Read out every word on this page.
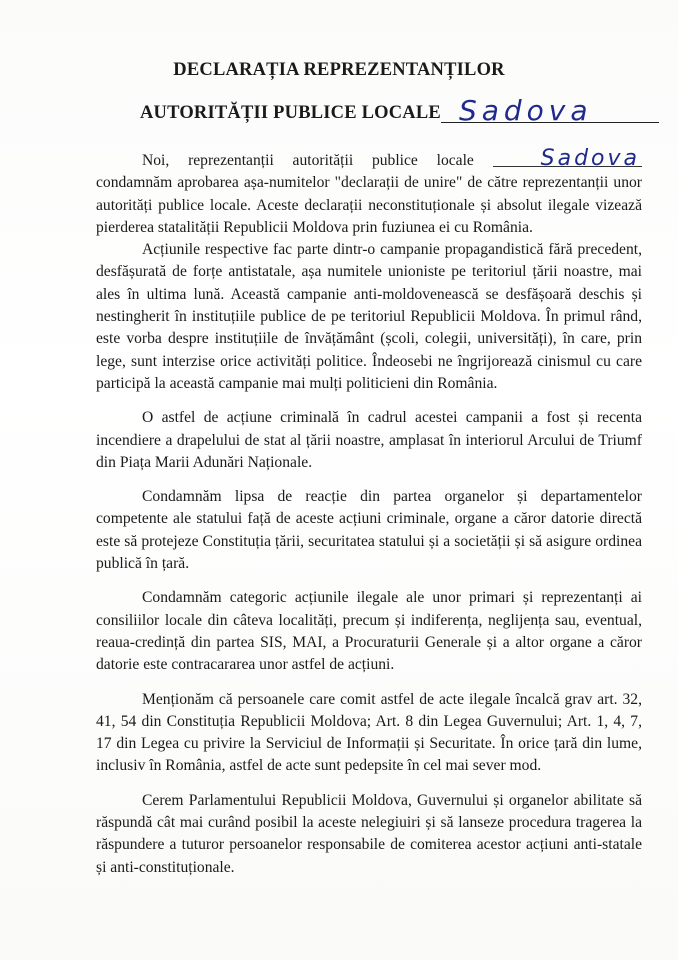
DECLARAȚIA REPREZENTANȚILOR
AUTORITĂȚII PUBLICE LOCALE Sadova

Noi, reprezentanții autorității publice locale Sadova condamnăm aprobarea așa-numitelor "declarații de unire" de către reprezentanții unor autorități publice locale. Aceste declarații neconstituționale și absolut ilegale vizează pierderea statalității Republicii Moldova prin fuziunea ei cu România.

Acțiunile respective fac parte dintr-o campanie propagandistică fără precedent, desfășurată de forțe antistatale, așa numitele unioniste pe teritoriul țării noastre, mai ales în ultima lună. Această campanie anti-moldovenească se desfășoară deschis și nestingherit în instituțiile publice de pe teritoriul Republicii Moldova. În primul rând, este vorba despre instituțiile de învățământ (școli, colegii, universități), în care, prin lege, sunt interzise orice activități politice. Îndeosebi ne îngrijorează cinismul cu care participă la această campanie mai mulți politicieni din România.

O astfel de acțiune criminală în cadrul acestei campanii a fost și recenta incendiere a drapelului de stat al țării noastre, amplasat în interiorul Arcului de Triumf din Piața Marii Adunări Naționale.

Condamnăm lipsa de reacție din partea organelor și departamentelor competente ale statului față de aceste acțiuni criminale, organe a căror datorie directă este să protejeze Constituția țării, securitatea statului și a societății și să asigure ordinea publică în țară.

Condamnăm categoric acțiunile ilegale ale unor primari și reprezentanți ai consiliilor locale din câteva localități, precum și indiferența, neglijența sau, eventual, reaua-credință din partea SIS, MAI, a Procuraturii Generale și a altor organe a căror datorie este contracararea unor astfel de acțiuni.

Menționăm că persoanele care comit astfel de acte ilegale încalcă grav art. 32, 41, 54 din Constituția Republicii Moldova; Art. 8 din Legea Guvernului; Art. 1, 4, 7, 17 din Legea cu privire la Serviciul de Informații și Securitate. În orice țară din lume, inclusiv în România, astfel de acte sunt pedepsite în cel mai sever mod.

Cerem Parlamentului Republicii Moldova, Guvernului și organelor abilitate să răspundă cât mai curând posibil la aceste nelegiuiri și să lanseze procedura tragerea la răspundere a tuturor persoanelor responsabile de comiterea acestor acțiuni anti-statale și anti-constituționale.
